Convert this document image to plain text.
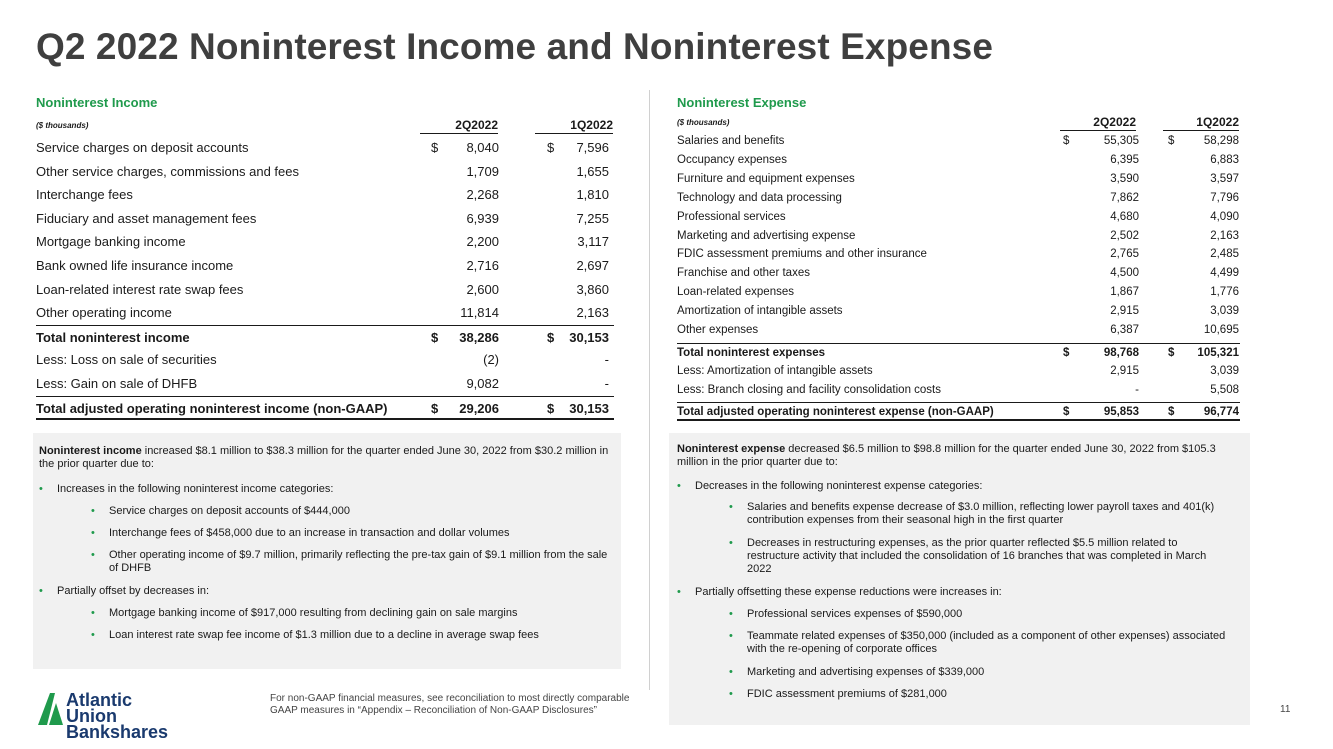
Q2 2022 Noninterest Income and Noninterest Expense
Noninterest Income
($ thousands)	2Q2022	1Q2022
Service charges on deposit accounts	$	8,040	$	7,596
Other service charges, commissions and fees	1,709	1,655
Interchange fees	2,268	1,810
Fiduciary and asset management fees	6,939	7,255
Mortgage banking income	2,200	3,117
Bank owned life insurance income	2,716	2,697
Loan-related interest rate swap fees	2,600	3,860
Other operating income	11,814	2,163
Total noninterest income	$	38,286	$	30,153
Less: Loss on sale of securities	(2)	-
Less: Gain on sale of DHFB	9,082	-
Total adjusted operating noninterest income (non-GAAP)	$	29,206	$	30,153

Noninterest income increased $8.1 million to $38.3 million for the quarter ended June 30, 2022 from $30.2 million in the prior quarter due to:

• Increases in the following noninterest income categories:
• Service charges on deposit accounts of $444,000
• Interchange fees of $458,000 due to an increase in transaction and dollar volumes
• Other operating income of $9.7 million, primarily reflecting the pre-tax gain of $9.1 million from the sale of DHFB
• Partially offset by decreases in:
• Mortgage banking income of $917,000 resulting from declining gain on sale margins
• Loan interest rate swap fee income of $1.3 million due to a decline in average swap fees
Noninterest Expense
($ thousands)	2Q2022	1Q2022
Salaries and benefits	$	55,305	$	58,298
Occupancy expenses	6,395	6,883
Furniture and equipment expenses	3,590	3,597
Technology and data processing	7,862	7,796
Professional services	4,680	4,090
Marketing and advertising expense	2,502	2,163
FDIC assessment premiums and other insurance	2,765	2,485
Franchise and other taxes	4,500	4,499
Loan-related expenses	1,867	1,776
Amortization of intangible assets	2,915	3,039
Other expenses	6,387	10,695
Total noninterest expenses	$	98,768	$	105,321
Less: Amortization of intangible assets	2,915	3,039
Less: Branch closing and facility consolidation costs	-	5,508
Total adjusted operating noninterest expense (non-GAAP)	$	95,853	$	96,774

Noninterest expense decreased $6.5 million to $98.8 million for the quarter ended June 30, 2022 from $105.3 million in the prior quarter due to:

• Decreases in the following noninterest expense categories:
• Salaries and benefits expense decrease of $3.0 million, reflecting lower payroll taxes and 401(k) contribution expenses from their seasonal high in the first quarter
• Decreases in restructuring expenses, as the prior quarter reflected $5.5 million related to restructure activity that included the consolidation of 16 branches that was completed in March 2022
• Partially offsetting these expense reductions were increases in:
• Professional services expenses of $590,000
• Teammate related expenses of $350,000 (included as a component of other expenses) associated with the re-opening of corporate offices
• Marketing and advertising expenses of $339,000
• FDIC assessment premiums of $281,000
Atlantic
Union Bankshares
For non-GAAP financial measures, see reconciliation to most directly comparable GAAP measures in “Appendix – Reconciliation of Non-GAAP Disclosures”	11
